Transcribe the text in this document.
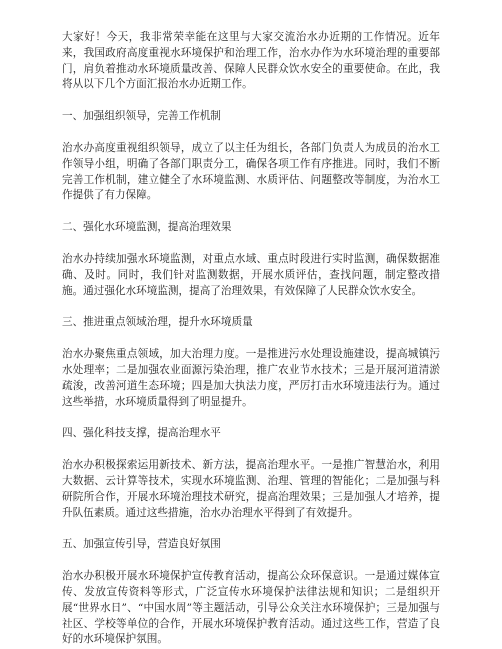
大家好！今天，我非常荣幸能在这里与大家交流治水办近期的工作情况。近年来，我国政府高度重视水环境保护和治理工作，治水办作为水环境治理的重要部门，肩负着推动水环境质量改善、保障人民群众饮水安全的重要使命。在此，我将从以下几个方面汇报治水办近期工作。

一、加强组织领导，完善工作机制

治水办高度重视组织领导，成立了以主任为组长，各部门负责人为成员的治水工作领导小组，明确了各部门职责分工，确保各项工作有序推进。同时，我们不断完善工作机制，建立健全了水环境监测、水质评估、问题整改等制度，为治水工作提供了有力保障。

二、强化水环境监测，提高治理效果

治水办持续加强水环境监测，对重点水域、重点时段进行实时监测，确保数据准确、及时。同时，我们针对监测数据，开展水质评估，查找问题，制定整改措施。通过强化水环境监测，提高了治理效果，有效保障了人民群众饮水安全。

三、推进重点领域治理，提升水环境质量

治水办聚焦重点领域，加大治理力度。一是推进污水处理设施建设，提高城镇污水处理率；二是加强农业面源污染治理，推广农业节水技术；三是开展河道清淤疏浚，改善河道生态环境；四是加大执法力度，严厉打击水环境违法行为。通过这些举措，水环境质量得到了明显提升。

四、强化科技支撑，提高治理水平

治水办积极探索运用新技术、新方法，提高治理水平。一是推广智慧治水，利用大数据、云计算等技术，实现水环境监测、治理、管理的智能化；二是加强与科研院所合作，开展水环境治理技术研究，提高治理效果；三是加强人才培养，提升队伍素质。通过这些措施，治水办治理水平得到了有效提升。

五、加强宣传引导，营造良好氛围

治水办积极开展水环境保护宣传教育活动，提高公众环保意识。一是通过媒体宣传、发放宣传资料等形式，广泛宣传水环境保护法律法规和知识；二是组织开展“世界水日”、“中国水周”等主题活动，引导公众关注水环境保护；三是加强与社区、学校等单位的合作，开展水环境保护教育活动。通过这些工作，营造了良好的水环境保护氛围。
